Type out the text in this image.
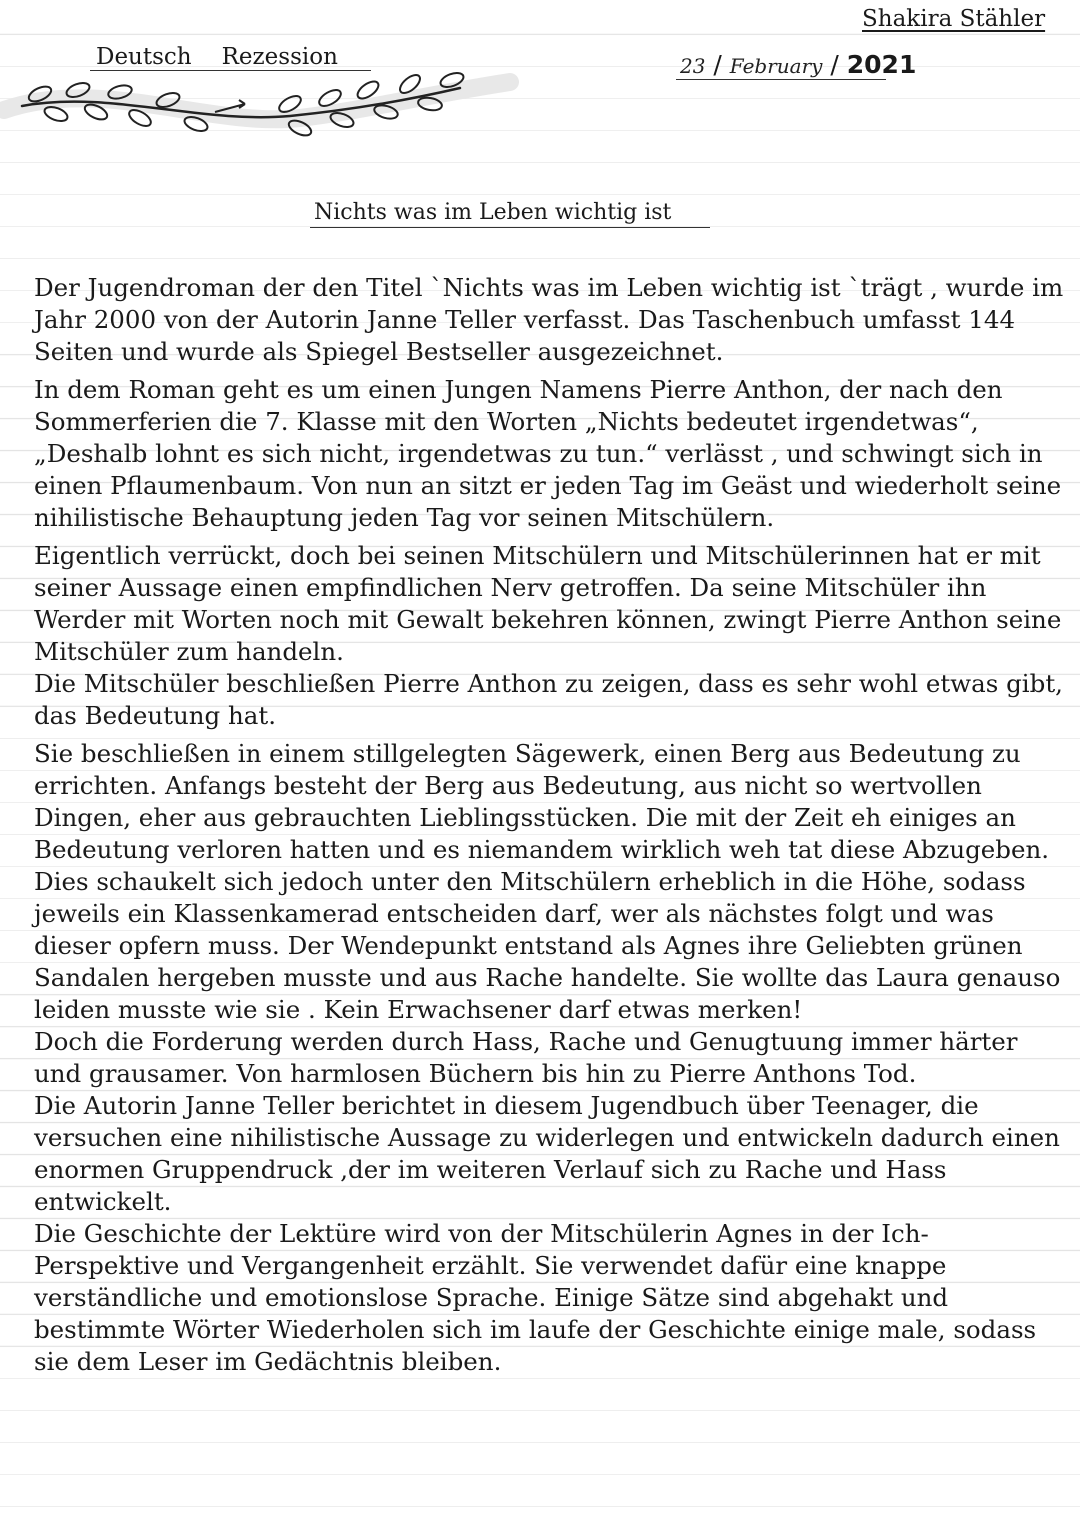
Shakira Stähler
Deutsch Rezession	23 / February / 2021
Nichts was im Leben wichtig ist

Der Jugendroman der den Titel `Nichts was im Leben wichtig ist `trägt , wurde im Jahr 2000 von der Autorin Janne Teller verfasst. Das Taschenbuch umfasst 144 Seiten und wurde als Spiegel Bestseller ausgezeichnet.

In dem Roman geht es um einen Jungen Namens Pierre Anthon, der nach den Sommerferien die 7. Klasse mit den Worten „Nichts bedeutet irgendetwas“, „Deshalb lohnt es sich nicht, irgendetwas zu tun.“ verlässt , und schwingt sich in einen Pflaumenbaum. Von nun an sitzt er jeden Tag im Geäst und wiederholt seine nihilistische Behauptung jeden Tag vor seinen Mitschülern.

Eigentlich verrückt, doch bei seinen Mitschülern und Mitschülerinnen hat er mit seiner Aussage einen empfindlichen Nerv getroffen. Da seine Mitschüler ihn Werder mit Worten noch mit Gewalt bekehren können, zwingt Pierre Anthon seine Mitschüler zum handeln.

Die Mitschüler beschließen Pierre Anthon zu zeigen, dass es sehr wohl etwas gibt, das Bedeutung hat.

Sie beschließen in einem stillgelegten Sägewerk, einen Berg aus Bedeutung zu errichten. Anfangs besteht der Berg aus Bedeutung, aus nicht so wertvollen Dingen, eher aus gebrauchten Lieblingsstücken. Die mit der Zeit eh einiges an Bedeutung verloren hatten und es niemandem wirklich weh tat diese Abzugeben. Dies schaukelt sich jedoch unter den Mitschülern erheblich in die Höhe, sodass jeweils ein Klassenkamerad entscheiden darf, wer als nächstes folgt und was dieser opfern muss. Der Wendepunkt entstand als Agnes ihre Geliebten grünen Sandalen hergeben musste und aus Rache handelte. Sie wollte das Laura genauso leiden musste wie sie . Kein Erwachsener darf etwas merken!

Doch die Forderung werden durch Hass, Rache und Genugtuung immer härter und grausamer. Von harmlosen Büchern bis hin zu Pierre Anthons Tod.

Die Autorin Janne Teller berichtet in diesem Jugendbuch über Teenager, die versuchen eine nihilistische Aussage zu widerlegen und entwickeln dadurch einen enormen Gruppendruck ,der im weiteren Verlauf sich zu Rache und Hass entwickelt.

Die Geschichte der Lektüre wird von der Mitschülerin Agnes in der Ich-Perspektive und Vergangenheit erzählt. Sie verwendet dafür eine knappe verständliche und emotionslose Sprache. Einige Sätze sind abgehakt und bestimmte Wörter Wiederholen sich im laufe der Geschichte einige male, sodass sie dem Leser im Gedächtnis bleiben.
